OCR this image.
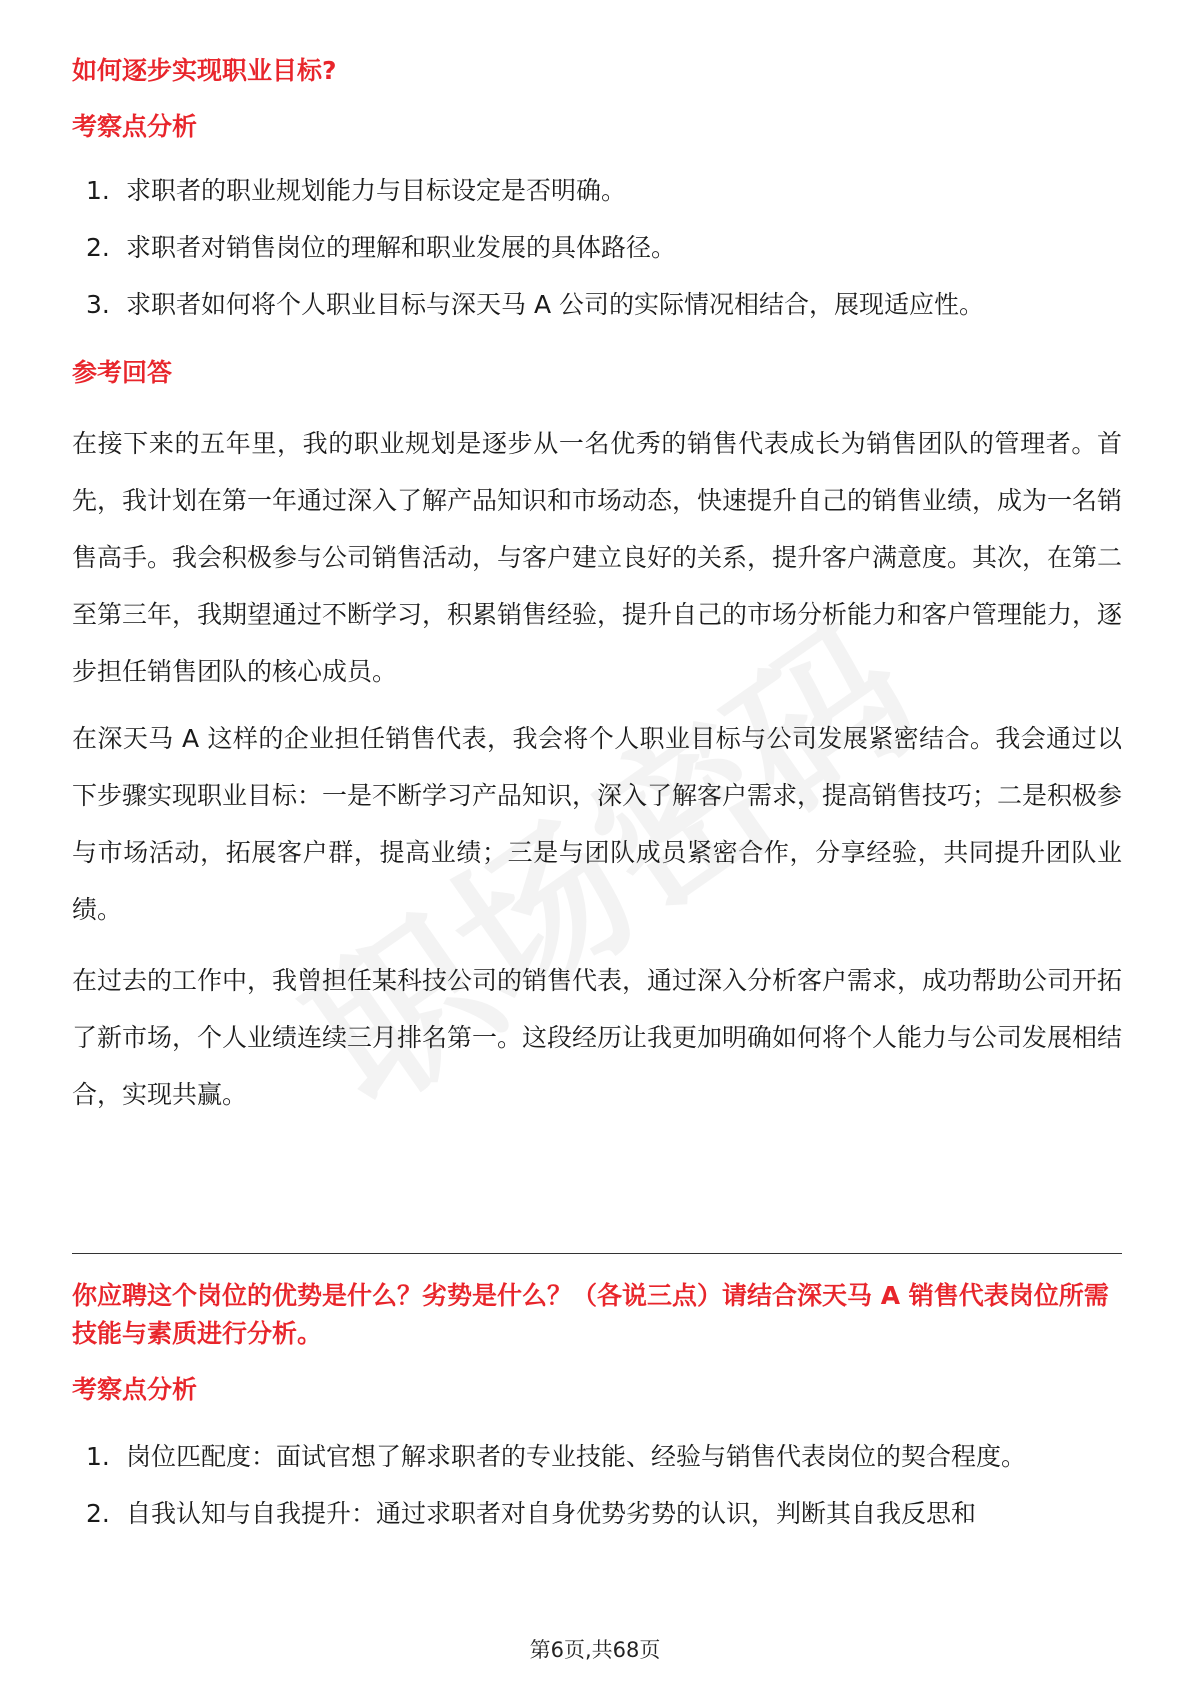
如何逐步实现职业目标?
考察点分析
1. 求职者的职业规划能力与目标设定是否明确。
2. 求职者对销售岗位的理解和职业发展的具体路径。
3. 求职者如何将个人职业目标与深天马 A 公司的实际情况相结合，展现适应性。
参考回答

在接下来的五年里，我的职业规划是逐步从一名优秀的销售代表成长为销售团队的管理者。首先，我计划在第一年通过深入了解产品知识和市场动态，快速提升自己的销售业绩，成为一名销售高手。我会积极参与公司销售活动，与客户建立良好的关系，提升客户满意度。其次，在第二至第三年，我期望通过不断学习，积累销售经验，提升自己的市场分析能力和客户管理能力，逐步担任销售团队的核心成员。

在深天马 A 这样的企业担任销售代表，我会将个人职业目标与公司发展紧密结合。我会通过以下步骤实现职业目标：一是不断学习产品知识，深入了解客户需求，提高销售技巧；二是积极参与市场活动，拓展客户群，提高业绩；三是与团队成员紧密合作，分享经验，共同提升团队业绩。

在过去的工作中，我曾担任某科技公司的销售代表，通过深入分析客户需求，成功帮助公司开拓了新市场，个人业绩连续三月排名第一。这段经历让我更加明确如何将个人能力与公司发展相结合，实现共赢。

你应聘这个岗位的优势是什么？劣势是什么？（各说三点）请结合深天马 A 销售代表岗位所需技能与素质进行分析。
考察点分析
1. 岗位匹配度：面试官想了解求职者的专业技能、经验与销售代表岗位的契合程度。
2. 自我认知与自我提升：通过求职者对自身优势劣势的认识，判断其自我反思和
第6页,共68页
